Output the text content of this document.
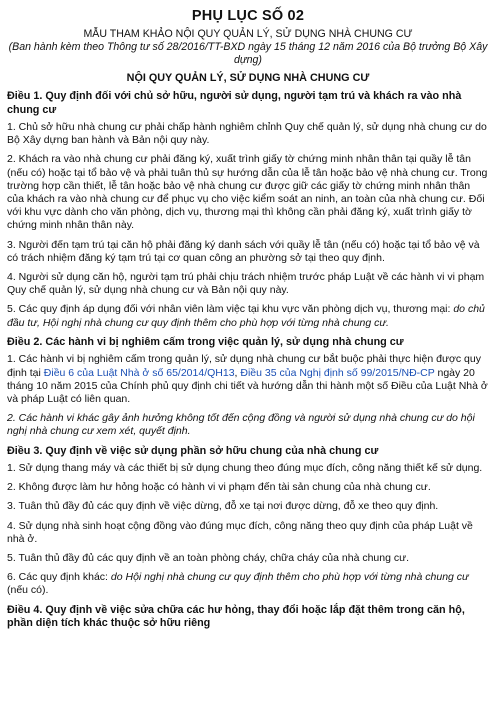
PHỤ LỤC SỐ 02
MẪU THAM KHẢO NỘI QUY QUẢN LÝ, SỬ DỤNG NHÀ CHUNG CƯ
(Ban hành kèm theo Thông tư số 28/2016/TT-BXD ngày 15 tháng 12 năm 2016 của Bộ trưởng Bộ Xây dựng)
NỘI QUY QUẢN LÝ, SỬ DỤNG NHÀ CHUNG CƯ
Điều 1. Quy định đối với chủ sở hữu, người sử dụng, người tạm trú và khách ra vào nhà chung cư
1. Chủ sở hữu nhà chung cư phải chấp hành nghiêm chỉnh Quy chế quản lý, sử dụng nhà chung cư do Bộ Xây dựng ban hành và Bản nội quy này.
2. Khách ra vào nhà chung cư phải đăng ký, xuất trình giấy tờ chứng minh nhân thân tại quầy lễ tân (nếu có) hoặc tại tổ bảo vệ và phải tuân thủ sự hướng dẫn của lễ tân hoặc bảo vệ nhà chung cư. Trong trường hợp cần thiết, lễ tân hoặc bảo vệ nhà chung cư được giữ các giấy tờ chứng minh nhân thân của khách ra vào nhà chung cư để phục vụ cho việc kiểm soát an ninh, an toàn của nhà chung cư. Đối với khu vực dành cho văn phòng, dịch vụ, thương mại thì không cần phải đăng ký, xuất trình giấy tờ chứng minh nhân thân này.
3. Người đến tạm trú tại căn hộ phải đăng ký danh sách với quầy lễ tân (nếu có) hoặc tại tổ bảo vệ và có trách nhiệm đăng ký tạm trú tại cơ quan công an phường sở tại theo quy định.
4. Người sử dụng căn hộ, người tạm trú phải chịu trách nhiệm trước pháp Luật về các hành vi vi phạm Quy chế quản lý, sử dụng nhà chung cư và Bản nội quy này.
5. Các quy định áp dụng đối với nhân viên làm việc tại khu vực văn phòng dịch vụ, thương mại: do chủ đầu tư, Hội nghị nhà chung cư quy định thêm cho phù hợp với từng nhà chung cư.
Điều 2. Các hành vi bị nghiêm cấm trong việc quản lý, sử dụng nhà chung cư
1. Các hành vi bị nghiêm cấm trong quản lý, sử dụng nhà chung cư bắt buộc phải thực hiện được quy định tại Điều 6 của Luật Nhà ở số 65/2014/QH13, Điều 35 của Nghị định số 99/2015/NĐ-CP ngày 20 tháng 10 năm 2015 của Chính phủ quy định chi tiết và hướng dẫn thi hành một số Điều của Luật Nhà ở và pháp Luật có liên quan.
2. Các hành vi khác gây ảnh hưởng không tốt đến cộng đồng và người sử dụng nhà chung cư do hội nghị nhà chung cư xem xét, quyết định.
Điều 3. Quy định về việc sử dụng phần sở hữu chung của nhà chung cư
1. Sử dụng thang máy và các thiết bị sử dụng chung theo đúng mục đích, công năng thiết kế sử dụng.
2. Không được làm hư hỏng hoặc có hành vi vi phạm đến tài sản chung của nhà chung cư.
3. Tuân thủ đầy đủ các quy định về việc dừng, đỗ xe tại nơi được dừng, đỗ xe theo quy định.
4. Sử dụng nhà sinh hoạt cộng đồng vào đúng mục đích, công năng theo quy định của pháp Luật về nhà ở.
5. Tuân thủ đầy đủ các quy định về an toàn phòng cháy, chữa cháy của nhà chung cư.
6. Các quy định khác: do Hội nghị nhà chung cư quy định thêm cho phù hợp với từng nhà chung cư (nếu có).
Điều 4. Quy định về việc sửa chữa các hư hỏng, thay đổi hoặc lắp đặt thêm trong căn hộ, phần diện tích khác thuộc sở hữu riêng
